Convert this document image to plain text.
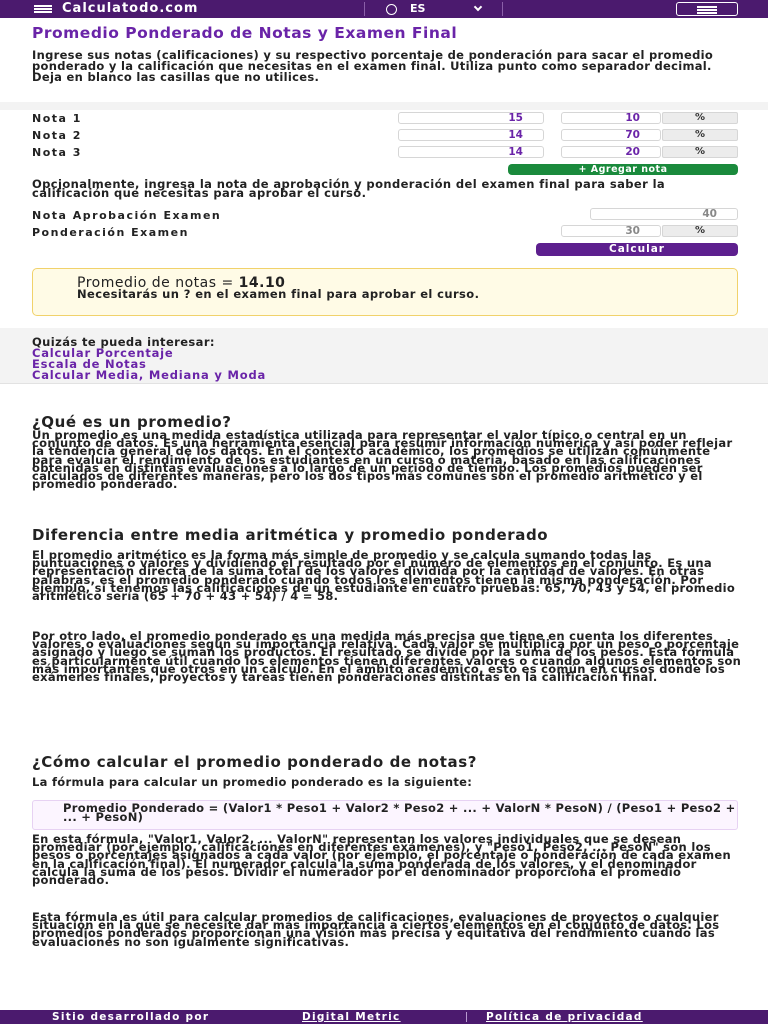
Calculatodo.com	ES
Promedio Ponderado de Notas y Examen Final

Ingrese sus notas (calificaciones) y su respectivo porcentaje de ponderación para sacar el promedio ponderado y la calificación que necesitas en el examen final. Utiliza punto como separador decimal. Deja en blanco las casillas que no utilices.

Nota 1	15	10	%
Nota 2	14	70	%
Nota 3	14	20	%
+ Agregar nota

Opcionalmente, ingresa la nota de aprobación y ponderación del examen final para saber la calificación que necesitas para aprobar el curso.

Nota Aprobación Examen	40
Ponderación Examen	30	%
Calcular
Promedio de notas = 14.10
Necesitarás un ? en el examen final para aprobar el curso.
Quizás te pueda interesar:
Calcular Porcentaje
Escala de Notas
Calcular Media, Mediana y Moda
¿Qué es un promedio?

Un promedio es una medida estadística utilizada para representar el valor típico o central en un conjunto de datos. Es una herramienta esencial para resumir información numérica y así poder reflejar la tendencia general de los datos. En el contexto académico, los promedios se utilizan comúnmente para evaluar el rendimiento de los estudiantes en un curso o materia, basado en las calificaciones obtenidas en distintas evaluaciones a lo largo de un periodo de tiempo. Los promedios pueden ser calculados de diferentes maneras, pero los dos tipos más comunes son el promedio aritmético y el promedio ponderado.

Diferencia entre media aritmética y promedio ponderado

El promedio aritmético es la forma más simple de promedio y se calcula sumando todas las puntuaciones o valores y dividiendo el resultado por el número de elementos en el conjunto. Es una representación directa de la suma total de los valores dividida por la cantidad de valores. En otras palabras, es el promedio ponderado cuando todos los elementos tienen la misma ponderación. Por ejemplo, si tenemos las calificaciones de un estudiante en cuatro pruebas: 65, 70, 43 y 54, el promedio aritmético sería (65 + 70 + 43 + 54) / 4 = 58.

Por otro lado, el promedio ponderado es una medida más precisa que tiene en cuenta los diferentes valores o evaluaciones según su importancia relativa. Cada valor se multiplica por un peso o porcentaje asignado y luego se suman los productos. El resultado se divide por la suma de los pesos. Esta fórmula es particularmente útil cuando los elementos tienen diferentes valores o cuando algunos elementos son más importantes que otros en un cálculo. En el ámbito académico, esto es común en cursos donde los exámenes finales, proyectos y tareas tienen ponderaciones distintas en la calificación final.

¿Cómo calcular el promedio ponderado de notas?

La fórmula para calcular un promedio ponderado es la siguiente:

Promedio Ponderado = (Valor1 * Peso1 + Valor2 * Peso2 + ... + ValorN * PesoN) / (Peso1 + Peso2 + ... + PesoN)

En esta fórmula, "Valor1, Valor2, ... ValorN" representan los valores individuales que se desean promediar (por ejemplo, calificaciones en diferentes exámenes), y "Peso1, Peso2, ... PesoN" son los pesos o porcentajes asignados a cada valor (por ejemplo, el porcentaje o ponderación de cada examen en la calificación final). El numerador calcula la suma ponderada de los valores, y el denominador calcula la suma de los pesos. Dividir el numerador por el denominador proporciona el promedio ponderado.

Esta fórmula es útil para calcular promedios de calificaciones, evaluaciones de proyectos o cualquier situación en la que se necesite dar más importancia a ciertos elementos en el conjunto de datos. Los promedios ponderados proporcionan una visión más precisa y equitativa del rendimiento cuando las evaluaciones no son igualmente significativas.

Sitio desarrollado por	Digital Metric	Política de privacidad
